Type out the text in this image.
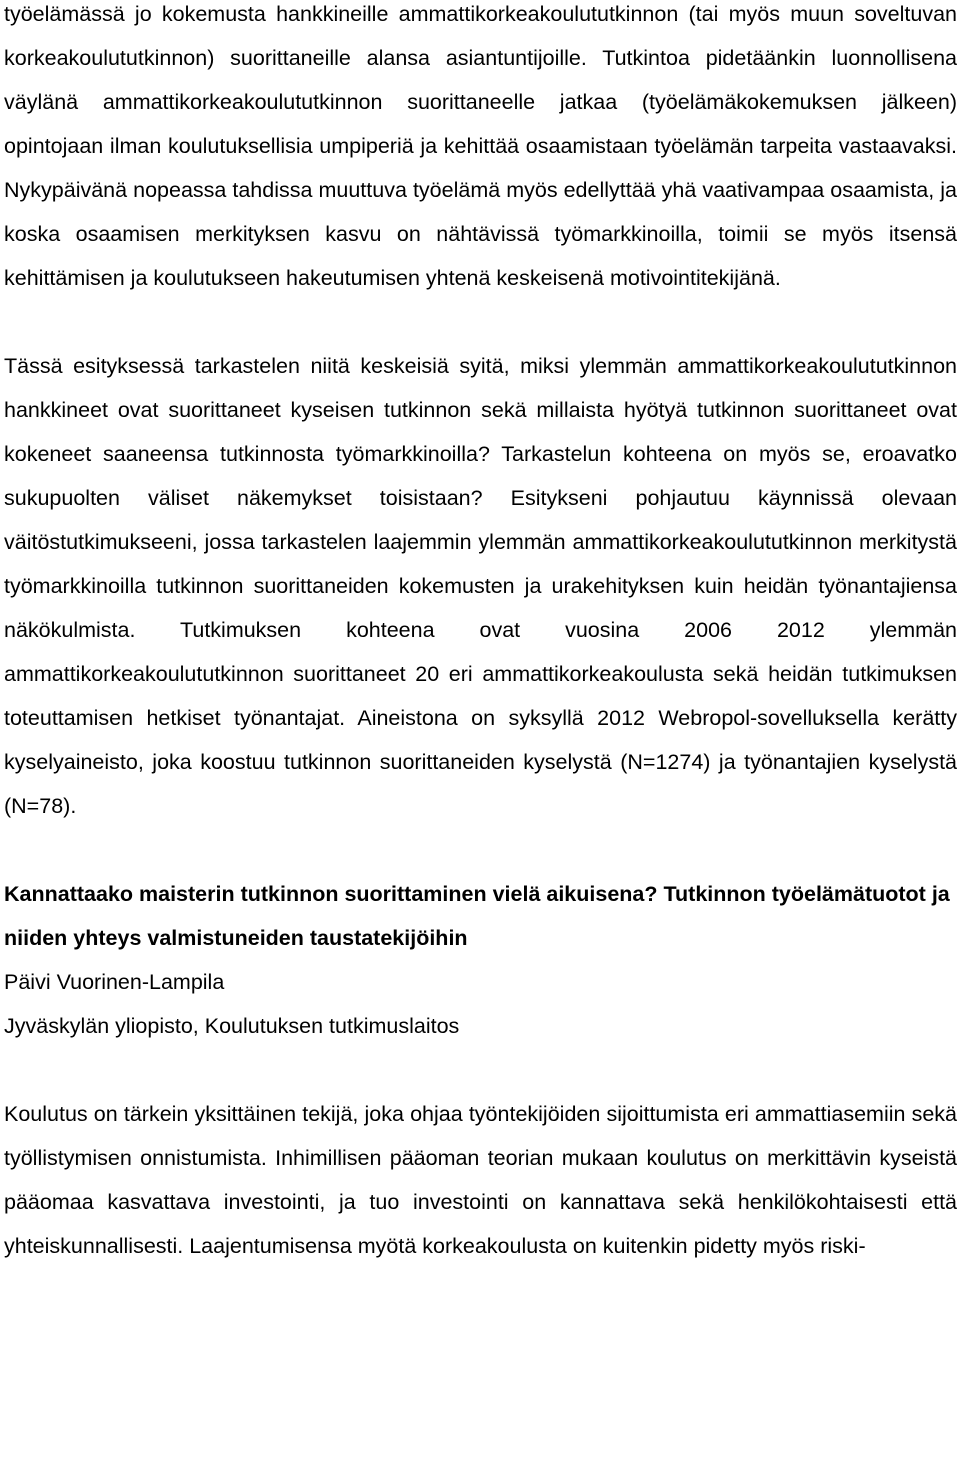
työelämässä jo kokemusta hankkineille ammattikorkeakoulututkinnon (tai myös muun soveltuvan korkeakoulututkinnon) suorittaneille alansa asiantuntijoille. Tutkintoa pidetäänkin luonnollisena väylänä ammattikorkeakoulututkinnon suorittaneelle jatkaa (työelämäkokemuksen jälkeen) opintojaan ilman koulutuksellisia umpiperiä ja kehittää osaamistaan työelämän tarpeita vastaavaksi. Nykypäivänä nopeassa tahdissa muuttuva työelämä myös edellyttää yhä vaativampaa osaamista, ja koska osaamisen merkityksen kasvu on nähtävissä työmarkkinoilla, toimii se myös itsensä kehittämisen ja koulutukseen hakeutumisen yhtenä keskeisenä motivointitekijänä.

Tässä esityksessä tarkastelen niitä keskeisiä syitä, miksi ylemmän ammattikorkeakoulututkinnon hankkineet ovat suorittaneet kyseisen tutkinnon sekä millaista hyötyä tutkinnon suorittaneet ovat kokeneet saaneensa tutkinnosta työmarkkinoilla? Tarkastelun kohteena on myös se, eroavatko sukupuolten väliset näkemykset toisistaan? Esitykseni pohjautuu käynnissä olevaan väitöstutkimukseeni, jossa tarkastelen laajemmin ylemmän ammattikorkeakoulututkinnon merkitystä työmarkkinoilla tutkinnon suorittaneiden kokemusten ja urakehityksen kuin heidän työnantajiensa näkökulmista. Tutkimuksen kohteena ovat vuosina 2006 2012 ylemmän ammattikorkeakoulututkinnon suorittaneet 20 eri ammattikorkeakoulusta sekä heidän tutkimuksen toteuttamisen hetkiset työnantajat. Aineistona on syksyllä 2012 Webropol-sovelluksella kerätty kyselyaineisto, joka koostuu tutkinnon suorittaneiden kyselystä (N=1274) ja työnantajien kyselystä (N=78).

Kannattaako maisterin tutkinnon suorittaminen vielä aikuisena? Tutkinnon työelämätuotot ja niiden yhteys valmistuneiden taustatekijöihin

Päivi Vuorinen-Lampila

Jyväskylän yliopisto, Koulutuksen tutkimuslaitos

Koulutus on tärkein yksittäinen tekijä, joka ohjaa työntekijöiden sijoittumista eri ammattiasemiin sekä työllistymisen onnistumista. Inhimillisen pääoman teorian mukaan koulutus on merkittävin kyseistä pääomaa kasvattava investointi, ja tuo investointi on kannattava sekä henkilökohtaisesti että yhteiskunnallisesti. Laajentumisensa myötä korkeakoulusta on kuitenkin pidetty myös riski-
